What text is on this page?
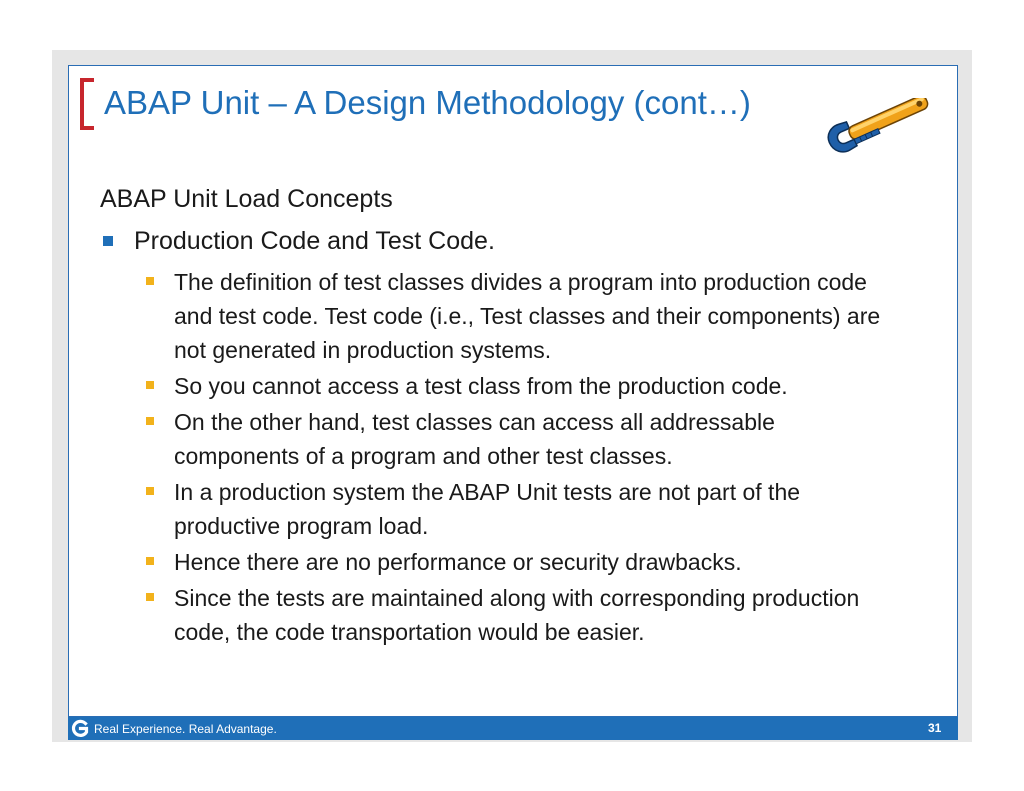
ABAP Unit – A Design Methodology (cont…)
ABAP Unit Load Concepts
Production Code and Test Code.
The definition of test classes divides a program into production code and test code. Test code (i.e., Test classes and their components) are not generated in production systems.
So you cannot access a test class from the production code.
On the other hand, test classes can access all addressable components of a program and other test classes.
In a production system the ABAP Unit tests are not part of the productive program load.
Hence there are no performance or security drawbacks.
Since the tests are maintained along with corresponding production code, the code transportation would be easier.
Real Experience. Real Advantage.	31
